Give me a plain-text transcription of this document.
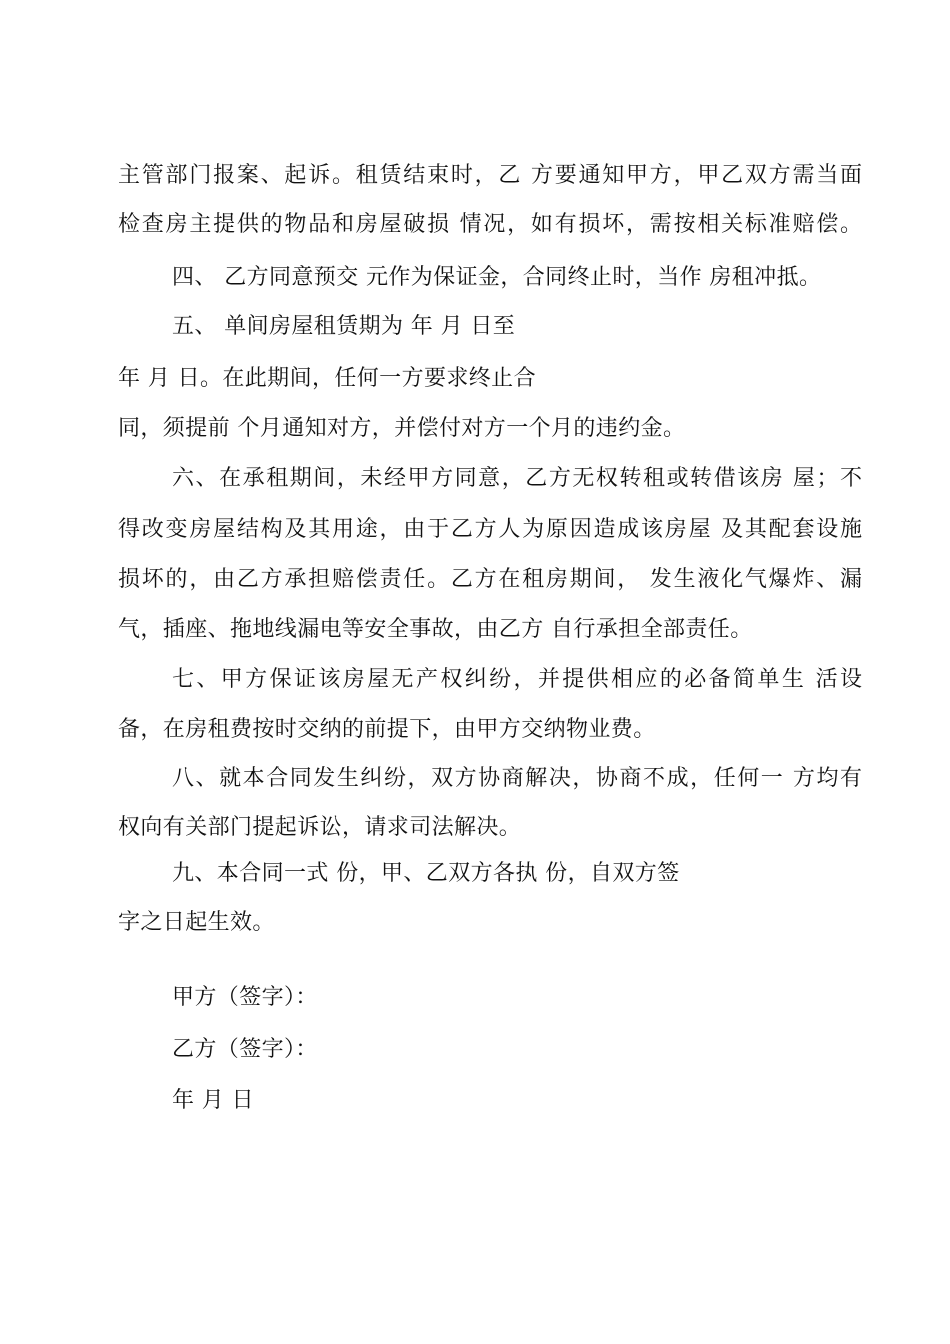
主管部门报案、起诉。租赁结束时，乙 方要通知甲方，甲乙双方需当面
检查房主提供的物品和房屋破损 情况，如有损坏，需按相关标准赔偿。
四、 乙方同意预交 元作为保证金，合同终止时，当作 房租冲抵。
五、 单间房屋租赁期为 年 月 日至
年 月 日。在此期间，任何一方要求终止合
同，须提前 个月通知对方，并偿付对方一个月的违约金。
六、在承租期间，未经甲方同意，乙方无权转租或转借该房 屋；不
得改变房屋结构及其用途，由于乙方人为原因造成该房屋 及其配套设施
损坏的，由乙方承担赔偿责任。乙方在租房期间， 发生液化气爆炸、漏
气，插座、拖地线漏电等安全事故，由乙方 自行承担全部责任。
七、甲方保证该房屋无产权纠纷，并提供相应的必备简单生 活设
备，在房租费按时交纳的前提下，由甲方交纳物业费。
八、就本合同发生纠纷，双方协商解决，协商不成，任何一 方均有
权向有关部门提起诉讼，请求司法解决。
九、本合同一式 份，甲、乙双方各执 份，自双方签
字之日起生效。
甲方（签字）：
乙方（签字）：
年 月 日
